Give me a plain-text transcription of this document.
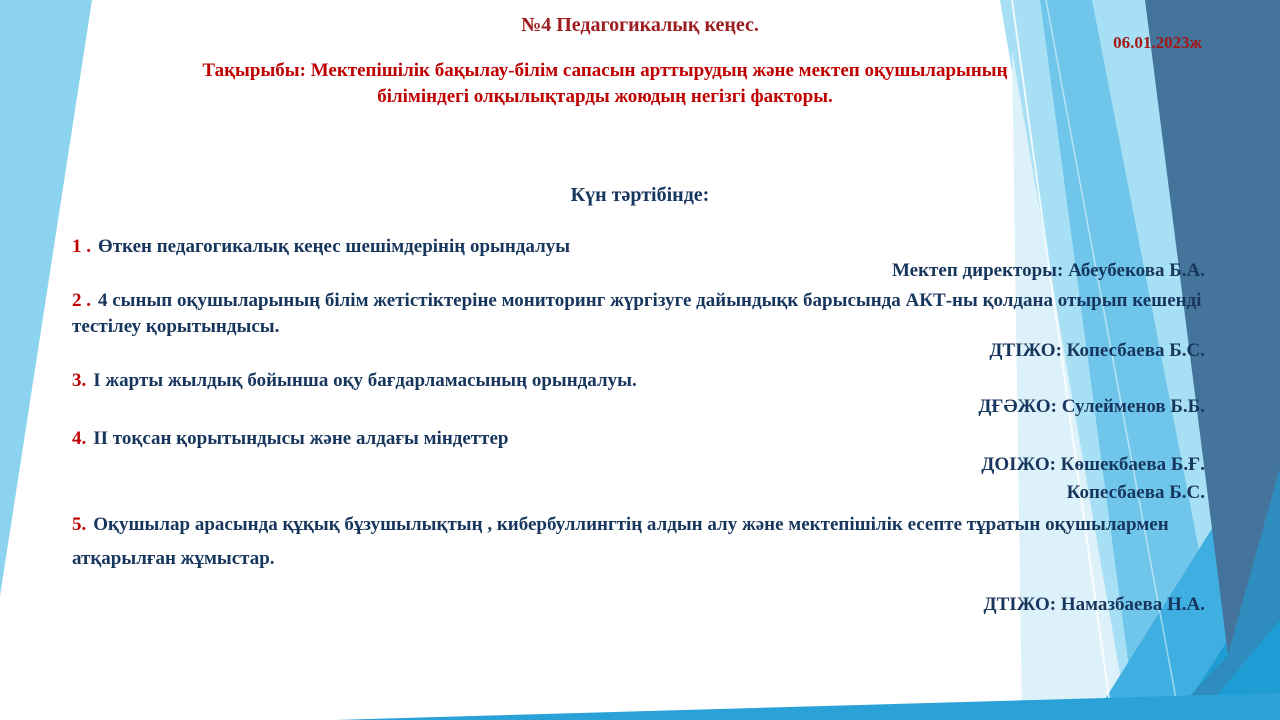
№4 Педагогикалық кеңес.
06.01.2023ж
Тақырыбы: Мектепішілік бақылау-білім сапасын арттырудың және мектеп оқушыларының
біліміндегі олқылықтарды жоюдың негізгі факторы.
Күн тәртібінде:
1 . Өткен педагогикалық кеңес шешімдерінің орындалуы
Мектеп директоры: Абеубекова Б.А.
2 . 4 сынып оқушыларының білім жетістіктеріне мониторинг жүргізуге дайындықк барысында АКТ-ны қолдана отырып кешенді тестілеу қорытындысы.
ДТІЖО: Копесбаева Б.С.
3. І жарты жылдық бойынша оқу бағдарламасының орындалуы.
ДҒӘЖО: Сулейменов Б.Б.
4. ІІ тоқсан қорытындысы және алдағы міндеттер
ДОІЖО: Көшекбаева Б.Ғ.
Копесбаева Б.С.
5. Оқушылар арасында құқық бұзушылықтың , кибербуллингтің алдын алу және мектепішілік есепте тұратын оқушылармен атқарылған жұмыстар.
ДТІЖО: Намазбаева Н.А.
